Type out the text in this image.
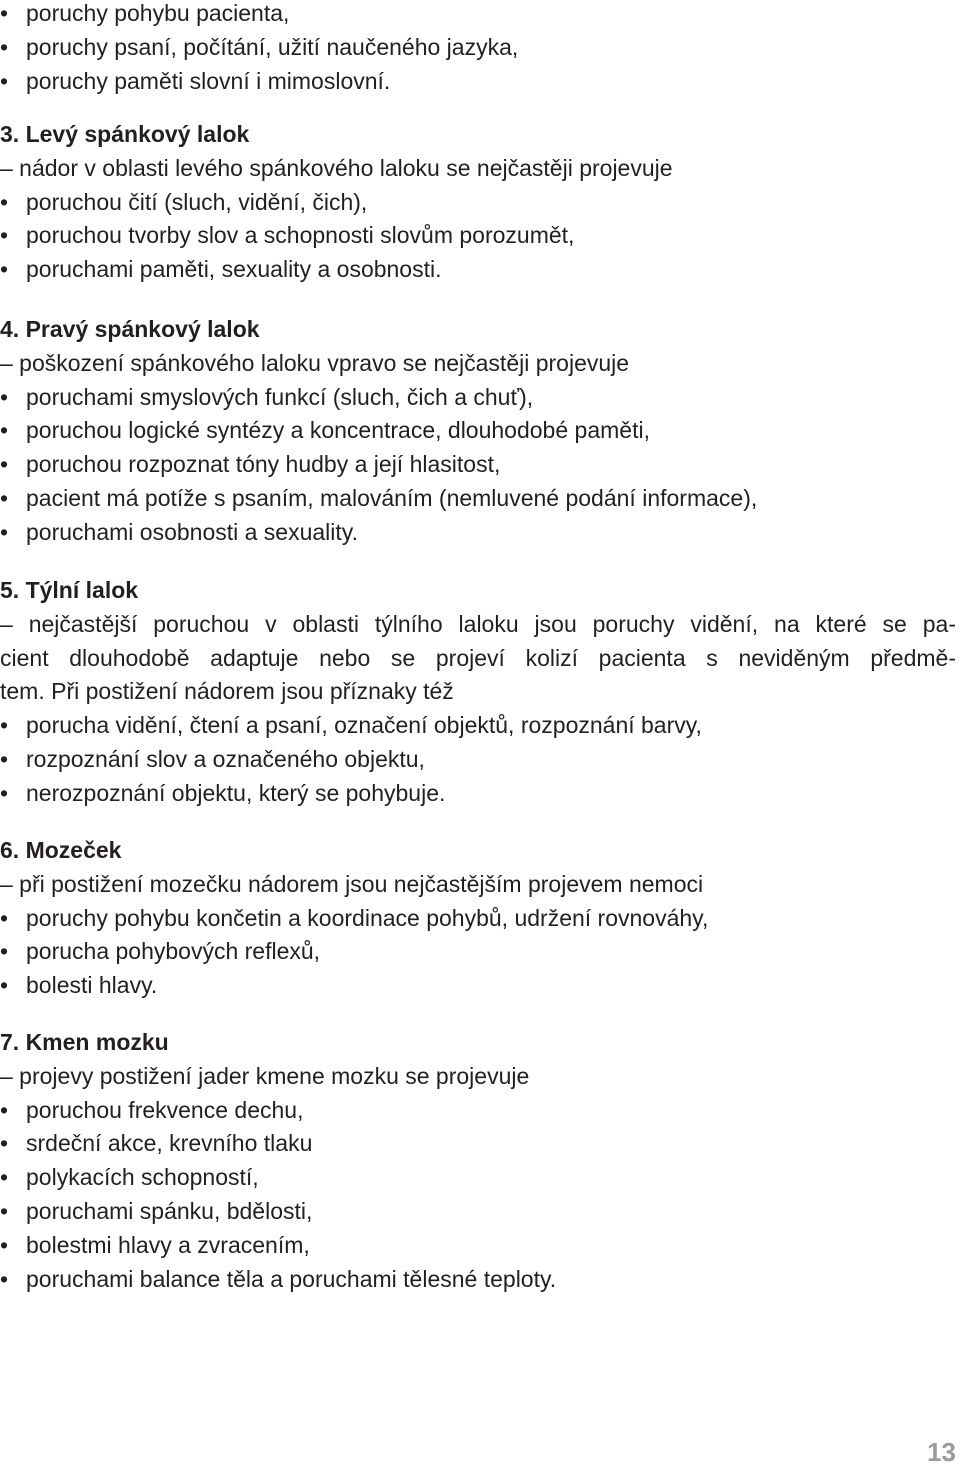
• poruchy pohybu pacienta,
• poruchy psaní, počítání, užití naučeného jazyka,
• poruchy paměti slovní i mimoslovní.
3. Levý spánkový lalok
– nádor v oblasti levého spánkového laloku se nejčastěji projevuje
• poruchou čití (sluch, vidění, čich),
• poruchou tvorby slov a schopnosti slovům porozumět,
• poruchami paměti, sexuality a osobnosti.
4. Pravý spánkový lalok
– poškození spánkového laloku vpravo se nejčastěji projevuje
• poruchami smyslových funkcí (sluch, čich a chuť),
• poruchou logické syntézy a koncentrace, dlouhodobé paměti,
• poruchou rozpoznat tóny hudby a její hlasitost,
• pacient má potíže s psaním, malováním (nemluvené podání informace),
• poruchami osobnosti a sexuality.
5. Týlní lalok
– nejčastější poruchou v oblasti týlního laloku jsou poruchy vidění, na které se pa-
cient dlouhodobě adaptuje nebo se projeví kolizí pacienta s neviděným předmě-
tem. Při postižení nádorem jsou příznaky též
• porucha vidění, čtení a psaní, označení objektů, rozpoznání barvy,
• rozpoznání slov a označeného objektu,
• nerozpoznání objektu, který se pohybuje.
6. Mozeček
– při postižení mozečku nádorem jsou nejčastějším projevem nemoci
• poruchy pohybu končetin a koordinace pohybů, udržení rovnováhy,
• porucha pohybových reflexů,
• bolesti hlavy.
7. Kmen mozku
– projevy postižení jader kmene mozku se projevuje
• poruchou frekvence dechu,
• srdeční akce, krevního tlaku
• polykacích schopností,
• poruchami spánku, bdělosti,
• bolestmi hlavy a zvracením,
• poruchami balance těla a poruchami tělesné teploty.
13
